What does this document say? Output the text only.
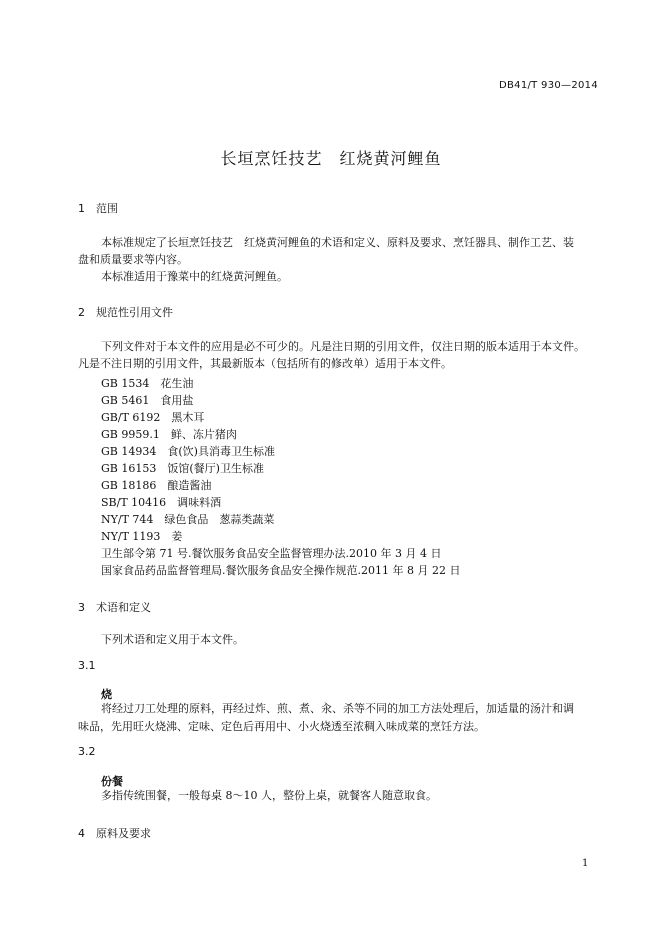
DB41/T 930—2014
长垣烹饪技艺　红烧黄河鲤鱼
1 范围
本标准规定了长垣烹饪技艺　红烧黄河鲤鱼的术语和定义、原料及要求、烹饪器具、制作工艺、装
盘和质量要求等内容。
本标准适用于豫菜中的红烧黄河鲤鱼。
2 规范性引用文件
下列文件对于本文件的应用是必不可少的。凡是注日期的引用文件，仅注日期的版本适用于本文件。
凡是不注日期的引用文件，其最新版本（包括所有的修改单）适用于本文件。
GB 1534　 花生油
GB 5461　 食用盐
GB/T 6192　 黑木耳
GB 9959.1　 鲜、冻片猪肉
GB 14934　 食(饮)具消毒卫生标准
GB 16153　 饭馆(餐厅)卫生标准
GB 18186　 酿造酱油
SB/T 10416　 调味料酒
NY/T 744　 绿色食品　葱蒜类蔬菜
NY/T 1193　 姜
卫生部令第 71 号.餐饮服务食品安全监督管理办法.2010 年 3 月 4 日
国家食品药品监督管理局.餐饮服务食品安全操作规范.2011 年 8 月 22 日
3 术语和定义
下列术语和定义用于本文件。
3.1
烧
将经过刀工处理的原料，再经过炸、煎、煮、汆、杀等不同的加工方法处理后，加适量的汤汁和调
味品，先用旺火烧沸、定味、定色后再用中、小火烧透至浓稠入味成菜的烹饪方法。
3.2
份餐
多指传统围餐，一般每桌 8～10 人，整份上桌，就餐客人随意取食。
4 原料及要求
1
